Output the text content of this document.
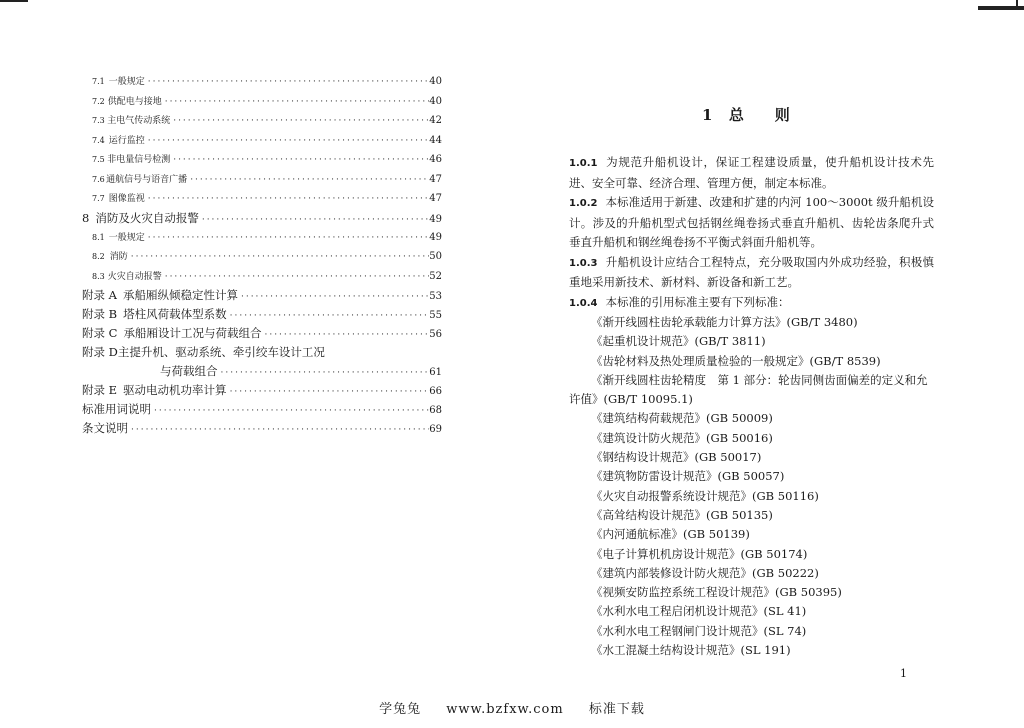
7.1 一般规定 ·····	40
7.2 供配电与接地 ·····	40
7.3 主电气传动系统 ·····	42
7.4 运行监控 ·····	44
7.5 非电量信号检测 ·····	46
7.6 通航信号与语音广播 ·····	47
7.7 图像监视 ·····	47
8 消防及火灾自动报警 ·····	49
8.1 一般规定 ·····	49
8.2 消防 ·····	50
8.3 火灾自动报警 ·····	52
附录 A 承船厢纵倾稳定性计算 ·····	53
附录 B 塔柱风荷载体型系数 ·····	55
附录 C 承船厢设计工况与荷载组合 ·····	56
附录 D 主提升机、驱动系统、牵引绞车设计工况
与荷载组合 ·····	61
附录 E 驱动电动机功率计算 ·····	66
标准用词说明 ·····	68
条文说明 ·····	69
1 总    则
1.0.1 为规范升船机设计，保证工程建设质量，使升船机设计技术先进、安全可靠、经济合理、管理方便，制定本标准。
1.0.2 本标准适用于新建、改建和扩建的内河 100～3000t 级升船机设计。涉及的升船机型式包括钢丝绳卷扬式垂直升船机、齿轮齿条爬升式垂直升船机和钢丝绳卷扬不平衡式斜面升船机等。
1.0.3 升船机设计应结合工程特点，充分吸取国内外成功经验，积极慎重地采用新技术、新材料、新设备和新工艺。
1.0.4 本标准的引用标准主要有下列标准：
《渐开线圆柱齿轮承载能力计算方法》(GB/T 3480)
《起重机设计规范》(GB/T 3811)
《齿轮材料及热处理质量检验的一般规定》(GB/T 8539)
《渐开线圆柱齿轮精度　第 1 部分：轮齿同侧齿面偏差的定义和允许值》(GB/T 10095.1)
《建筑结构荷载规范》(GB 50009)
《建筑设计防火规范》(GB 50016)
《钢结构设计规范》(GB 50017)
《建筑物防雷设计规范》(GB 50057)
《火灾自动报警系统设计规范》(GB 50116)
《高耸结构设计规范》(GB 50135)
《内河通航标准》(GB 50139)
《电子计算机机房设计规范》(GB 50174)
《建筑内部装修设计防火规范》(GB 50222)
《视频安防监控系统工程设计规范》(GB 50395)
《水利水电工程启闭机设计规范》(SL 41)
《水利水电工程钢闸门设计规范》(SL 74)
《水工混凝土结构设计规范》(SL 191)
1
学兔兔 www.bzfxw.com 标准下载
